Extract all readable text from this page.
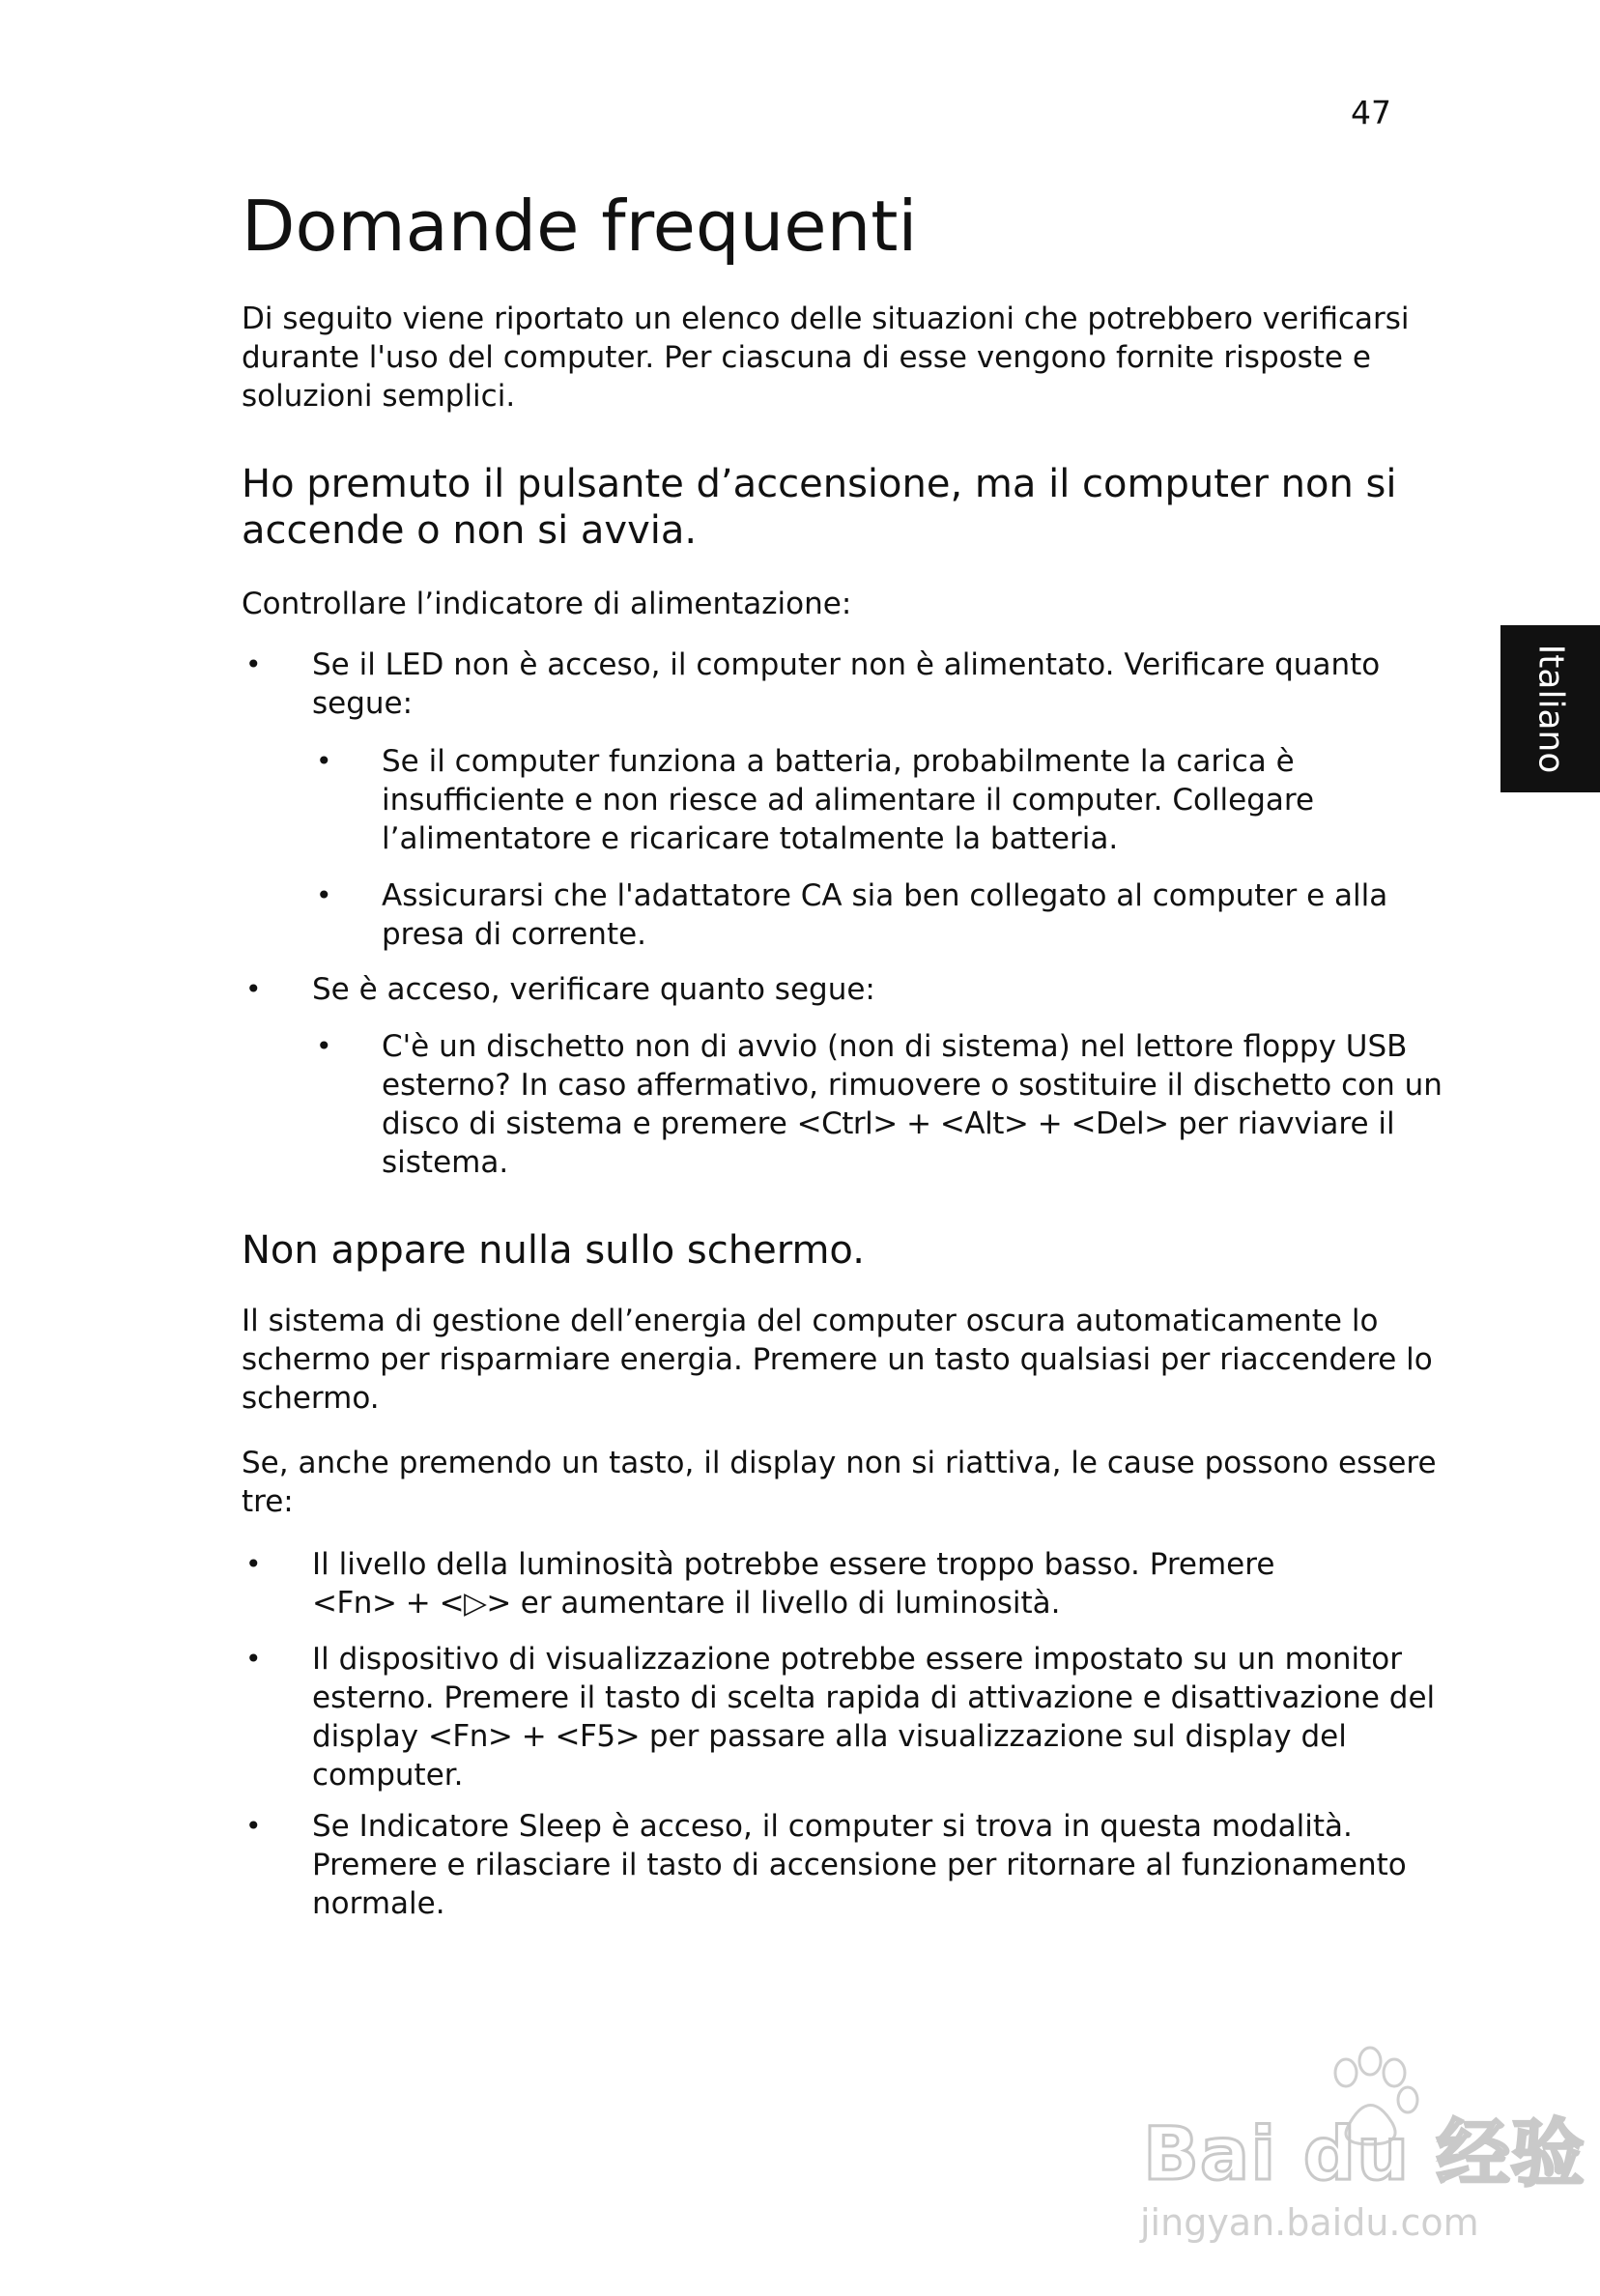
47
Domande frequenti

Di seguito viene riportato un elenco delle situazioni che potrebbero verificarsi

durante l'uso del computer. Per ciascuna di esse vengono fornite risposte e

soluzioni semplici.

Ho premuto il pulsante d’accensione, ma il computer non si
accende o non si avvia.

Controllare l’indicatore di alimentazione:

• Se il LED non è acceso, il computer non è alimentato. Verificare quanto

segue:

• Se il computer funziona a batteria, probabilmente la carica è

insufficiente e non riesce ad alimentare il computer. Collegare

l’alimentatore e ricaricare totalmente la batteria.

• Assicurarsi che l'adattatore CA sia ben collegato al computer e alla

presa di corrente.

• Se è acceso, verificare quanto segue:

• C'è un dischetto non di avvio (non di sistema) nel lettore floppy USB

esterno? In caso affermativo, rimuovere o sostituire il dischetto con un

disco di sistema e premere <Ctrl> + <Alt> + <Del> per riavviare il

sistema.

Non appare nulla sullo schermo.

Il sistema di gestione dell’energia del computer oscura automaticamente lo

schermo per risparmiare energia. Premere un tasto qualsiasi per riaccendere lo

schermo.

Se, anche premendo un tasto, il display non si riattiva, le cause possono essere

tre:

• Il livello della luminosità potrebbe essere troppo basso. Premere

<Fn> + <▷> er aumentare il livello di luminosità.

• Il dispositivo di visualizzazione potrebbe essere impostato su un monitor

esterno. Premere il tasto di scelta rapida di attivazione e disattivazione del

display <Fn> + <F5> per passare alla visualizzazione sul display del

computer.

• Se Indicatore Sleep è acceso, il computer si trova in questa modalità.

Premere e rilasciare il tasto di accensione per ritornare al funzionamento

normale.

Italiano
Bai du 经验
jingyan.baidu.com
